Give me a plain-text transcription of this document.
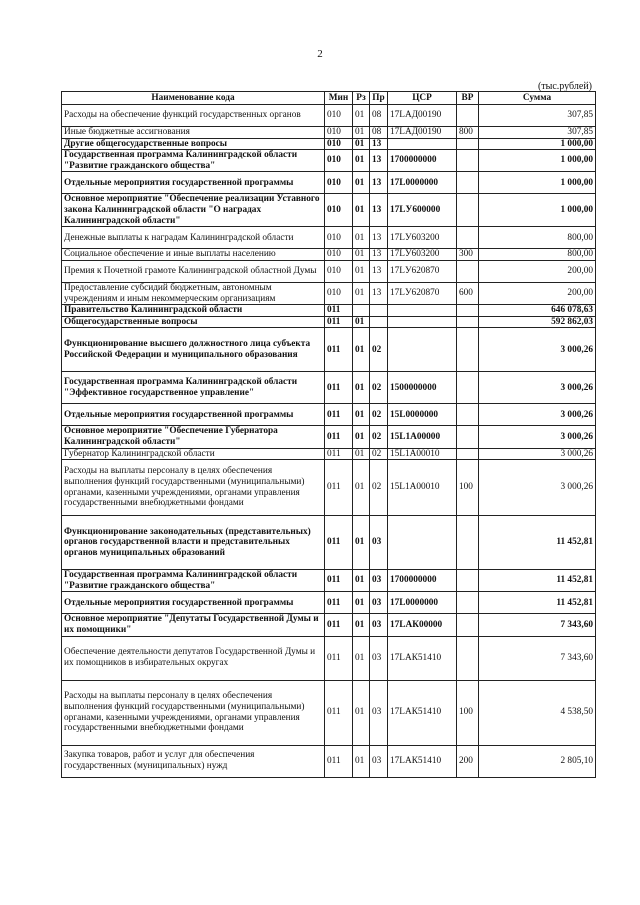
2
(тыс.рублей)
Наименование кода	Мин	Рз	Пр	ЦСР	ВР	Сумма
Расходы на обеспечение функций государственных органов	010	01	08	17LАД00190		307,85
Иные бюджетные ассигнования	010	01	08	17LАД00190	800	307,85
Другие общегосударственные вопросы	010	01	13			1 000,00
Государственная программа Калининградской области "Развитие гражданского общества"	010	01	13	1700000000		1 000,00
Отдельные мероприятия государственной программы	010	01	13	17L0000000		1 000,00
Основное мероприятие "Обеспечение реализации Уставного закона Калининградской области "О наградах Калининградской области"	010	01	13	17LУ600000		1 000,00
Денежные выплаты к наградам Калининградской области	010	01	13	17LУ603200		800,00
Социальное обеспечение и иные выплаты населению	010	01	13	17LУ603200	300	800,00
Премия к Почетной грамоте Калининградской областной Думы	010	01	13	17LУ620870		200,00
Предоставление субсидий бюджетным, автономным учреждениям и иным некоммерческим организациям	010	01	13	17LУ620870	600	200,00
Правительство Калининградской области	011					646 078,63
Общегосударственные вопросы	011	01				592 862,03
Функционирование высшего должностного лица субъекта Российской Федерации и муниципального образования	011	01	02			3 000,26
Государственная программа Калининградской области "Эффективное государственное управление"	011	01	02	1500000000		3 000,26
Отдельные мероприятия государственной программы	011	01	02	15L0000000		3 000,26
Основное мероприятие "Обеспечение Губернатора Калининградской области"	011	01	02	15L1А00000		3 000,26
Губернатор Калининградской области	011	01	02	15L1А00010		3 000,26
Расходы на выплаты персоналу в целях обеспечения выполнения функций государственными (муниципальными) органами, казенными учреждениями, органами управления государственными внебюджетными фондами	011	01	02	15L1А00010	100	3 000,26
Функционирование законодательных (представительных) органов государственной власти и представительных органов муниципальных образований	011	01	03			11 452,81
Государственная программа Калининградской области "Развитие гражданского общества"	011	01	03	1700000000		11 452,81
Отдельные мероприятия государственной программы	011	01	03	17L0000000		11 452,81
Основное мероприятие "Депутаты Государственной Думы и их помощники"	011	01	03	17LАК00000		7 343,60
Обеспечение деятельности депутатов Государственной Думы и их помощников в избирательных округах	011	01	03	17LАК51410		7 343,60
Расходы на выплаты персоналу в целях обеспечения выполнения функций государственными (муниципальными) органами, казенными учреждениями, органами управления государственными внебюджетными фондами	011	01	03	17LАК51410	100	4 538,50
Закупка товаров, работ и услуг для обеспечения государственных (муниципальных) нужд	011	01	03	17LАК51410	200	2 805,10
